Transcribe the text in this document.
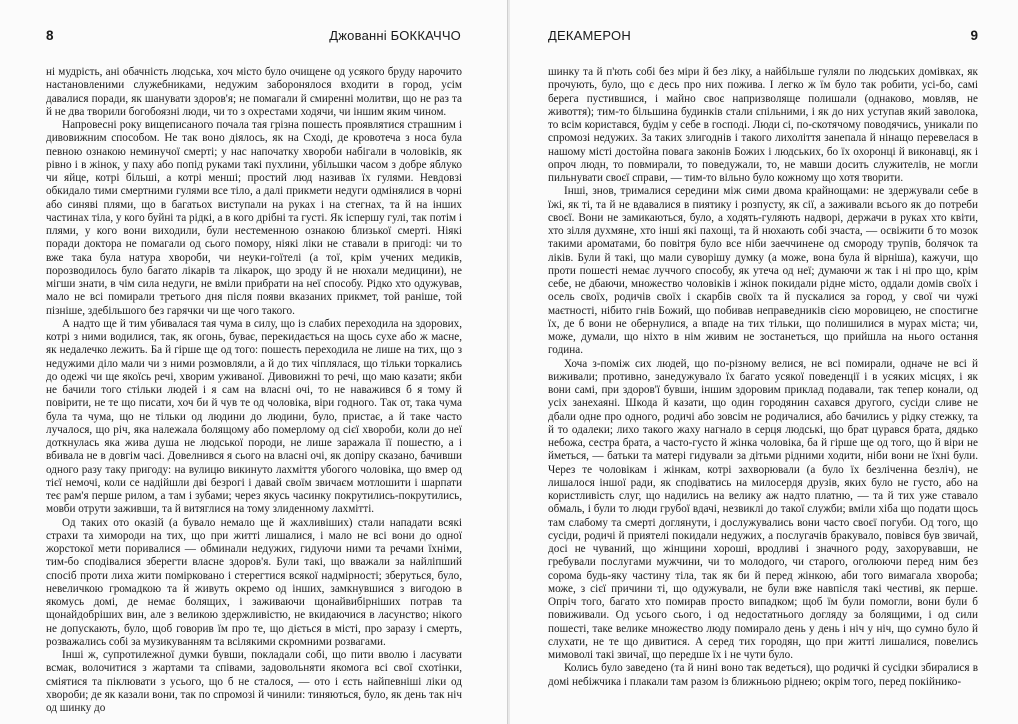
8	Джованні БОККАЧЧО

ні мудрість, ані обачність людська, хоч місто було очищене од усякого бруду нарочито настановленими служебниками, недужим заборонялося входити в город, усім давалися поради, як шанувати здоров'я; не помагали й смиренні молитви, що не раз та й не два творили богобоязні люди, чи то з охрестами ходячи, чи іншим яким чином.

Напровесні року вищеписаного почала тая грізна пошесть проявлятися страшним і дивовижним способом. Не так воно діялось, як на Сході, де кровотеча з носа була певною ознакою неминучої смерті; у нас напочатку хвороби набігали в чоловіків, як рівно і в жінок, у паху або попід руками такі пухлини, убільшки часом з добре яблуко чи яйце, котрі більші, а котрі менші; простий люд називав їх гулями. Невдовзі обкидало тими смертними гулями все тіло, а далі прикмети недуги одмінялися в чорні або синяві плями, що в багатьох виступали на руках і на стегнах, та й на інших частинах тіла, у кого буйні та рідкі, а в кого дрібні та густі. Як іспершу гулі, так потім і плями, у кого вони виходили, були нестеменною ознакою близької смерті. Ніякі поради доктора не помагали од сього помору, ніякі ліки не ставали в пригоді: чи то вже така була натура хвороби, чи неуки-гоїтелі (а тої, крім учених медиків, порозводилось було багато лікарів та лікарок, що зроду й не нюхали медицини), не мігши знати, в чім сила недуги, не вміли прибрати на неї способу. Рідко хто одужував, мало не всі помирали третього дня після появи вказаних прикмет, той раніше, той пізніше, здебільшого без гарячки чи ще чого такого.

А надто ще й тим убивалася тая чума в силу, що із слабих переходила на здорових, котрі з ними водилися, так, як огонь, буває, перекидається на щось сухе або ж масне, як недалечко лежить. Ба й гірше ще од того: пошесть переходила не лише на тих, що з недужими діло мали чи з ними розмовляли, а й до тих чіплялася, що тільки торкались до одежі чи ще якоїсь речі, хворим уживаної. Дивовижні то речі, що маю казати; якби не бачили того стільки людей і я сам на власні очі, то не наважився б я тому й повірити, не те що писати, хоч би й чув те од чоловіка, віри годного. Так от, така чума була та чума, що не тільки од людини до людини, було, пристає, а й таке часто лучалося, що річ, яка належала болящому або померлому од сієї хвороби, коли до неї доткнулась яка жива душа не людської породи, не лише заражала її пошестю, а і вбивала не в довгім часі. Довелнився я сього на власні очі, як допіру сказано, бачивши одного разу таку пригоду: на вулицю викинуто лахміття убогого чоловіка, що вмер од тієї немочі, коли се надійшли дві безрогі і давай своїм звичаєм мотлошити і шарпати теє рам'я перше рилом, а там і зубами; через якусь часинку покрутились-покрутились, мовби отрути заживши, та й витяглися на тому злиденному лахмітті.

Од таких ото оказій (а бувало немало ще й жахливіших) стали нападати всякі страхи та химороди на тих, що при житті лишалися, і мало не всі вони до одної жорстокої мети поривалися — обминали недужих, гидуючи ними та речами їхніми, тим-бо сподівалися зберегти власне здоров'я. Були такі, що вважали за найліпший спосіб проти лиха жити помірковано і стерегтися всякої надмірності; зберуться, було, невеличкою громадкою та й живуть окремо од інших, замкнувшися з вигодою в якомусь домі, де немає болящих, і заживаючи щонайвибірніших потрав та щонайдобріших вин, але з великою здержливістю, не вкидаючися в ласунство; нікого не допускають, було, щоб говорив їм про те, що діється в місті, про заразу і смерть, розважались собі за музикуванням та всілякими скромними розвагами.

Інші ж, супротилежної думки бувши, покладали собі, що пити вволю і ласувати всмак, волочитися з жартами та співами, задовольняти якомога всі свої схотінки, сміятися та піклювати з усього, що б не сталося, — ото і єсть найпевніші ліки од хвороби; де як казали вони, так по спромозі й чинили: тиняються, було, як день так ніч од шинку до

ДЕКАМЕРОН	9

шинку та й п'ють собі без міри й без ліку, а найбільше гуляли по людських домівках, як прочують, було, що є десь про них пожива. І легко ж їм було так робити, усі-бо, самі берега пустившися, і майно своє напризволяще полишали (однаково, мовляв, не живоття); тим-то більшина будинків стали спільними, і як до них уступав який заволока, то всім користався, будім у себе в господі. Люди сі, по-скотячому поводячись, уникали по спромозі недужих. За таких злигоднів і такого лихоліття занепала й нінащо перевелася в нашому місті достойна повага законів Божих і людських, бо їх охоронці й виконавці, як і опроч людн, то повмирали, то поведужали, то, не мавши досить служителів, не могли пильнувати своєї справи, — тим-то вільно було кожному що хотя творити.

Інші, знов, трималися середини між сими двома крайнощами: не здержували себе в їжі, як ті, та й не вдавалися в пиятику і розпусту, як сії, а заживали всього як до потреби своєї. Вони не замикаються, було, а ходять-гуляють надворі, держачи в руках хто квіти, хто зілля духмяне, хто інші які пахощі, та й нюхають собі зчаста, — освіжити б то мозок такими ароматами, бо повітря було все ніби заеччинене од смороду трупів, болячок та ліків. Були й такі, що мали суворішу думку (а може, вона була й вірніша), кажучи, що проти пошесті немає луччого способу, як утеча од неї; думаючи ж так і ні про що, крім себе, не дбаючи, множество чоловіків і жінок покидали рідне місто, оддали домів своїх і осель своїх, родичів своїх і скарбів своїх та й пускалися за город, у свої чи чужі маєтності, нібито гнів Божий, що побивав неправедників сією моровицею, не спостигне їх, де б вони не обернулися, а впаде на тих тільки, що полишилися в мурах міста; чи, може, думали, що ніхто в нім живим не зостанеться, що прийшла на нього остання година.

Хоча з-поміж сих людей, що по-різному велися, не всі помирали, одначе не всі й виживали; противно, занедужувало їх багато усякої поведенції і в усяких місцях, і як вони самі, при здоров'ї бувши, іншим здоровим приклад подавали, так тепер конали, од усіх занехаяні. Шкода й казати, що один городянин сахався другого, сусіди сливе не дбали одне про одного, родичі або зовсім не родичалися, або бачились у рідку стежку, та й то одалеки; лихо такого жаху нагнало в серця людські, що брат цурався брата, дядько небожа, сестра брата, а часто-густо й жінка чоловіка, ба й гірше ще од того, що й віри не йметься, — батьки та матері гидували за дітьми рідними ходити, ніби вони не їхні були. Через те чоловікам і жінкам, котрі захворювали (а було їх безліченна безліч), не лишалося іншої ради, як сподіватись на милосердя друзів, яких було не густо, або на користливість слуг, що надились на велику аж надто платню, — та й тих уже ставало обмаль, і були то люди грубої вдачі, незвиклі до такої служби; вміли хіба що подати щось там слабому та смерті доглянути, і дослужувались вони часто своєї погуби. Од того, що сусіди, родичі й приятелі покидали недужих, а послугачів бракувало, повівся був звичай, досі не чуваний, що жінщини хороші, вродливі і значного роду, захорувавши, не гребували послугами мужчини, чи то молодого, чи старого, оголюючи перед ним без сорома будь-яку частину тіла, так як би й перед жінкою, аби того вимагала хвороба; може, з сієї причини ті, що одужували, не були вже навпісля такі честиві, як перше. Опріч того, багато хто помирав просто випадком; щоб їм були помогли, вони були б повиживали. Од усього сього, і од недостатнього догляду за болящими, і од сили пошесті, таке велике множество люду помирало день у день і ніч у ніч, що сумно було й слухати, не те що дивитися. А серед тих городян, що при житті лишалися, повелись мимоволі такі звичаї, що передше їх і не чути було.

Колись було заведено (та й нині воно так ведеться), що родичкі й сусідки збиралися в домі небіжчика і плакали там разом із ближньою ріднею; окрім того, перед покійнико-
